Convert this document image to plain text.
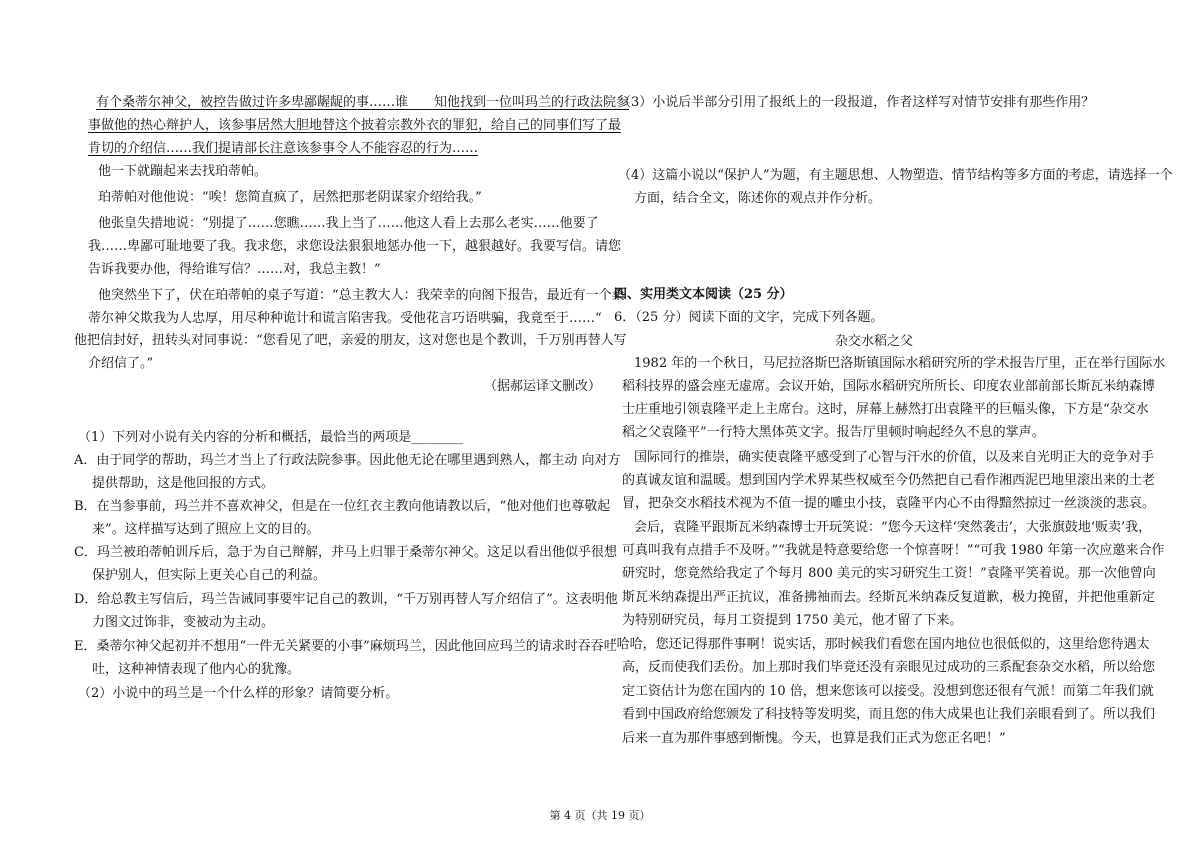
有个桑蒂尔神父，被控告做过许多卑鄙龌龊的事……谁　　知他找到一位叫玛兰的行政法院参
事做他的热心辩护人，该参事居然大胆地替这个披着宗教外衣的罪犯，给自己的同事们写了最
肯切的介绍信……我们提请部长注意该参事令人不能容忍的行为……
他一下就蹦起来去找珀蒂帕。
珀蒂帕对他他说：“唉！您简直疯了，居然把那老阴谋家介绍给我。”
他张皇失措地说：“别提了……您瞧……我上当了……他这人看上去那么老实……他要了
我……卑鄙可耻地要了我。我求您，求您设法狠狠地惩办他一下，越狠越好。我要写信。请您
告诉我要办他，得给谁写信？……对，我总主教！”
他突然坐下了，伏在珀蒂帕的桌子写道：“总主教大人：我荣幸的向阁下报告，最近有一个桑
蒂尔神父欺我为人忠厚，用尽种种诡计和谎言陷害我。受他花言巧语哄骗，我竟至于……“
他把信封好，扭转头对同事说：“您看见了吧，亲爱的朋友，这对您也是个教训，千万别再替人写
介绍信了。”
（据郝运译文删改）
（1）下列对小说有关内容的分析和概括，最恰当的两项是________
A．由于同学的帮助，玛兰才当上了行政法院参事。因此他无论在哪里遇到熟人，都主动 向对方
提供帮助，这是他回报的方式。
B．在当参事前，玛兰并不喜欢神父，但是在一位红衣主教向他请教以后，“他对他们也尊敬起
来”。这样描写达到了照应上文的目的。
C．玛兰被珀蒂帕训斥后，急于为自己辩解，并马上归罪于桑蒂尔神父。这足以看出他似乎很想
保护别人，但实际上更关心自己的利益。
D．给总教主写信后，玛兰告诫同事要牢记自己的教训，“千万别再替人写介绍信了”。这表明他
力图文过饰非，变被动为主动。
E．桑蒂尔神父起初并不想用“一件无关紧要的小事”麻烦玛兰，因此他回应玛兰的请求时吞吞吐
吐，这种神情表现了他内心的犹豫。
（2）小说中的玛兰是一个什么样的形象？请简要分析。
（3）小说后半部分引用了报纸上的一段报道，作者这样写对情节安排有那些作用？
（4）这篇小说以“保护人”为题，有主题思想、人物塑造、情节结构等多方面的考虑，请选择一个
方面，结合全文，陈述你的观点并作分析。
四、实用类文本阅读（25 分）
6．（25 分）阅读下面的文字，完成下列各题。
杂交水稻之父
1982 年的一个秋日，马尼拉洛斯巴洛斯镇国际水稻研究所的学术报告厅里，正在举行国际水
稻科技界的盛会座无虚席。会议开始，国际水稻研究所所长、印度农业部前部长斯瓦米纳森博
士庄重地引领袁隆平走上主席台。这时，屏幕上赫然打出袁隆平的巨幅头像，下方是“杂交水
稻之父袁隆平”一行特大黑体英文字。报告厅里顿时响起经久不息的掌声。
国际同行的推崇，确实使袁隆平感受到了心智与汗水的价值，以及来自光明正大的竞争对手
的真诚友谊和温暖。想到国内学术界某些权威至今仍然把自己看作湘西泥巴地里滚出来的土老
冒，把杂交水稻技术视为不值一提的雕虫小技，袁隆平内心不由得黯然掠过一丝淡淡的悲哀。
会后，袁隆平跟斯瓦米纳森博士开玩笑说：“您今天这样‘突然袭击’，大张旗鼓地‘贩卖’我，
可真叫我有点措手不及呀。”“我就是特意要给您一个惊喜呀！”“可我 1980 年第一次应邀来合作
研究时，您竟然给我定了个每月 800 美元的实习研究生工资！”袁隆平笑着说。那一次他曾向
斯瓦米纳森提出严正抗议，准备拂袖而去。经斯瓦米纳森反复道歉，极力挽留，并把他重新定
为特别研究员，每月工资提到 1750 美元，他才留了下来。
“哈哈，您还记得那件事啊！说实话，那时候我们看您在国内地位也很低似的，这里给您待遇太
高，反而使我们丢份。加上那时我们毕竟还没有亲眼见过成功的三系配套杂交水稻，所以给您
定工资估计为您在国内的 10 倍，想来您该可以接受。没想到您还很有气派！而第二年我们就
看到中国政府给您颁发了科技特等发明奖，而且您的伟大成果也让我们亲眼看到了。所以我们
后来一直为那件事感到惭愧。今天，也算是我们正式为您正名吧！”
第 4 页（共 19 页）
